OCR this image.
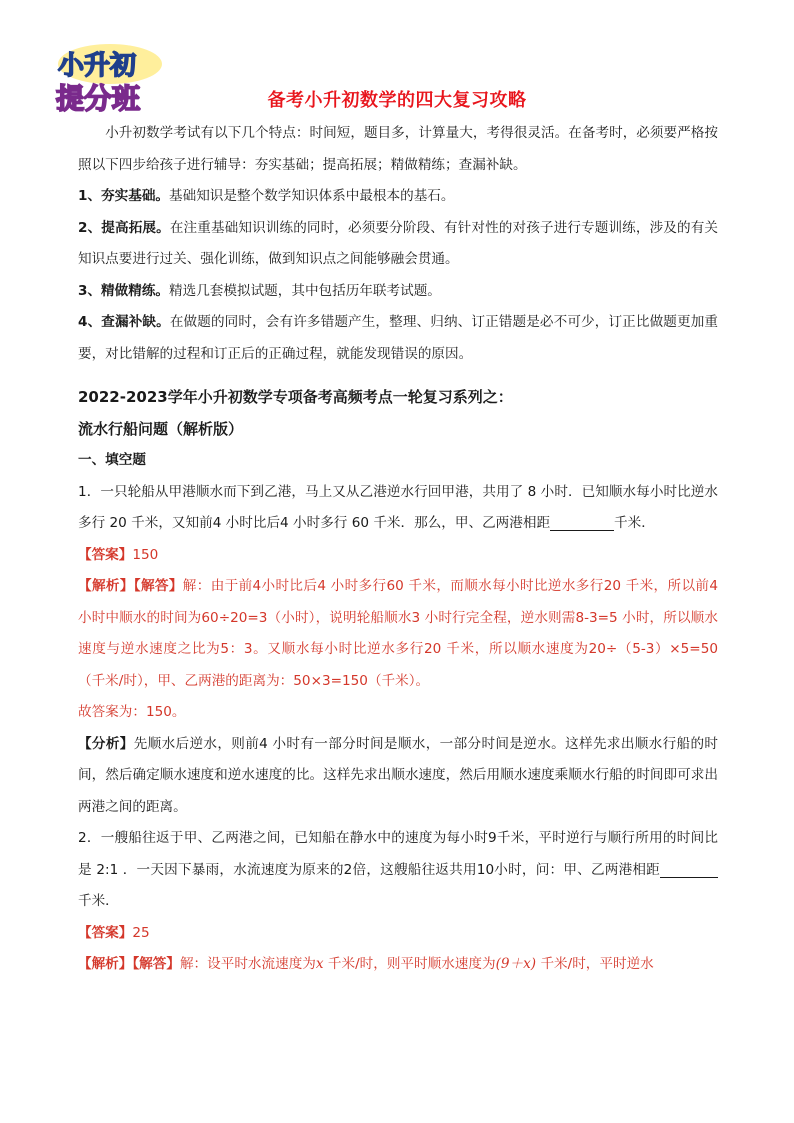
小升初
提分班	备考小升初数学的四大复习攻略

小升初数学考试有以下几个特点：时间短，题目多，计算量大，考得很灵活。在备考时，必须要严格按照以下四步给孩子进行辅导：夯实基础；提高拓展；精做精练；查漏补缺。

1、夯实基础。基础知识是整个数学知识体系中最根本的基石。

2、提高拓展。在注重基础知识训练的同时，必须要分阶段、有针对性的对孩子进行专题训练，涉及的有关知识点要进行过关、强化训练，做到知识点之间能够融会贯通。

3、精做精练。精选几套模拟试题，其中包括历年联考试题。

4、查漏补缺。在做题的同时，会有许多错题产生，整理、归纳、订正错题是必不可少，订正比做题更加重要，对比错解的过程和订正后的正确过程，就能发现错误的原因。

2022-2023学年小升初数学专项备考高频考点一轮复习系列之：

流水行船问题（解析版）

一、填空题

1．一只轮船从甲港顺水而下到乙港，马上又从乙港逆水行回甲港，共用了 8 小时．已知顺水每小时比逆水多行 20 千米，又知前4 小时比后4 小时多行 60 千米．那么，甲、乙两港相距	千米．

【答案】150

【解析】【解答】解：由于前4小时比后4 小时多行60 千米，而顺水每小时比逆水多行20 千米，所以前4 小时中顺水的时间为60÷20=3（小时），说明轮船顺水3 小时行完全程，逆水则需8-3=5 小时，所以顺水速度与逆水速度之比为5：3。又顺水每小时比逆水多行20 千米，所以顺水速度为20÷（5-3）×5=50（千米/时），甲、乙两港的距离为：50×3=150（千米）。

故答案为：150。

【分析】先顺水后逆水，则前4 小时有一部分时间是顺水，一部分时间是逆水。这样先求出顺水行船的时间，然后确定顺水速度和逆水速度的比。这样先求出顺水速度，然后用顺水速度乘顺水行船的时间即可求出两港之间的距离。

2．一艘船往返于甲、乙两港之间，已知船在静水中的速度为每小时9千米，平时逆行与顺行所用的时间比是 2:1 ．一天因下暴雨，水流速度为原来的2倍，这艘船往返共用10小时，问：甲、乙两港相距千米．

【答案】25

【解析】【解答】解：设平时水流速度为x 千米/时，则平时顺水速度为(9＋x) 千米/时，平时逆水
